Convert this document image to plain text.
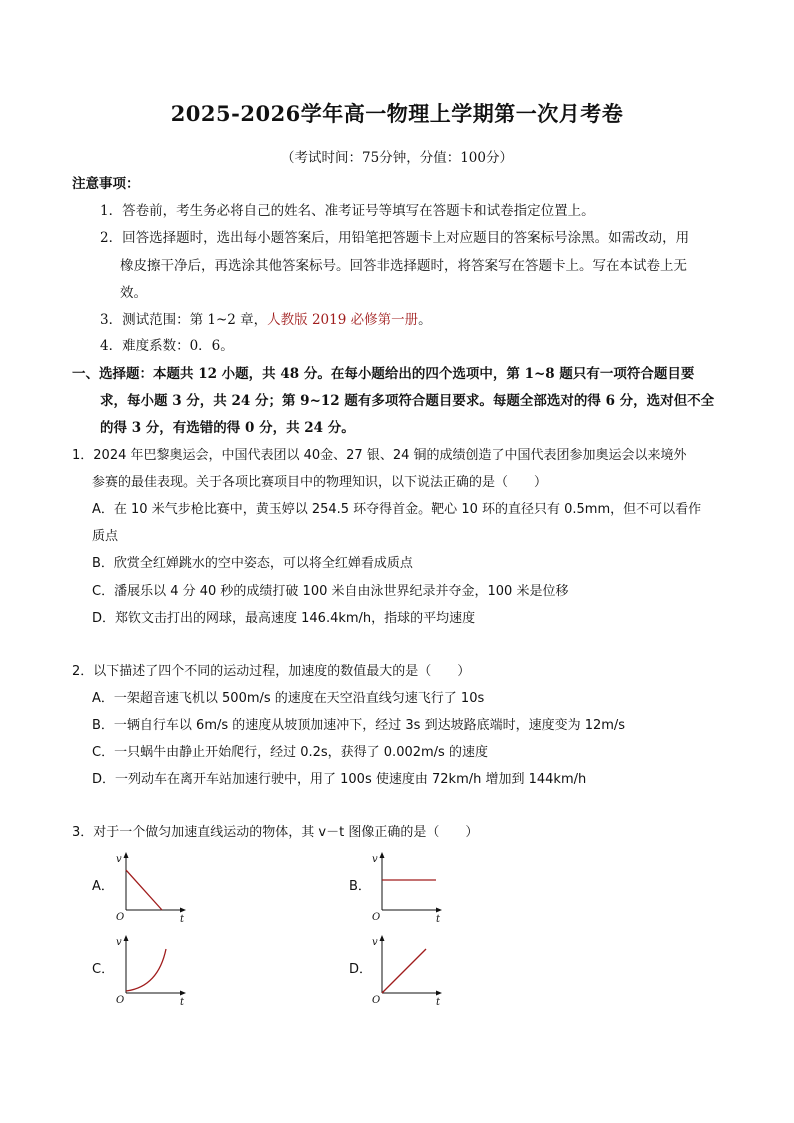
2025-2026学年高一物理上学期第一次月考卷
（考试时间：75分钟，分值：100分）
注意事项：
1．答卷前，考生务必将自己的姓名、准考证号等填写在答题卡和试卷指定位置上。
2．回答选择题时，选出每小题答案后，用铅笔把答题卡上对应题目的答案标号涂黑。如需改动，用
橡皮擦干净后，再选涂其他答案标号。回答非选择题时，将答案写在答题卡上。写在本试卷上无
效。
3．测试范围：第 1~2 章，人教版 2019 必修第一册。
4．难度系数：0．6。
一、选择题：本题共 12 小题，共 48 分。在每小题给出的四个选项中，第 1~8 题只有一项符合题目要
求，每小题 3 分，共 24 分；第 9~12 题有多项符合题目要求。每题全部选对的得 6 分，选对但不全
的得 3 分，有选错的得 0 分，共 24 分。
1．2024 年巴黎奥运会，中国代表团以 40金、27 银、24 铜的成绩创造了中国代表团参加奥运会以来境外
参赛的最佳表现。关于各项比赛项目中的物理知识，以下说法正确的是（　　）
A．在 10 米气步枪比赛中，黄玉婷以 254.5 环夺得首金。靶心 10 环的直径只有 0.5mm，但不可以看作
质点
B．欣赏全红婵跳水的空中姿态，可以将全红婵看成质点
C．潘展乐以 4 分 40 秒的成绩打破 100 米自由泳世界纪录并夺金，100 米是位移
D．郑钦文击打出的网球，最高速度 146.4km/h，指球的平均速度
2．以下描述了四个不同的运动过程，加速度的数值最大的是（　　）
A．一架超音速飞机以 500m/s 的速度在天空沿直线匀速飞行了 10s
B．一辆自行车以 6m/s 的速度从坡顶加速冲下，经过 3s 到达坡路底端时，速度变为 12m/s
C．一只蜗牛由静止开始爬行，经过 0.2s，获得了 0.002m/s 的速度
D．一列动车在离开车站加速行驶中，用了 100s 使速度由 72km/h 增加到 144km/h
3．对于一个做匀加速直线运动的物体，其 v－t 图像正确的是（　　）
A．	B．
C．	D．
v
O	t
v
O	t
v
O	t
v
O	t
